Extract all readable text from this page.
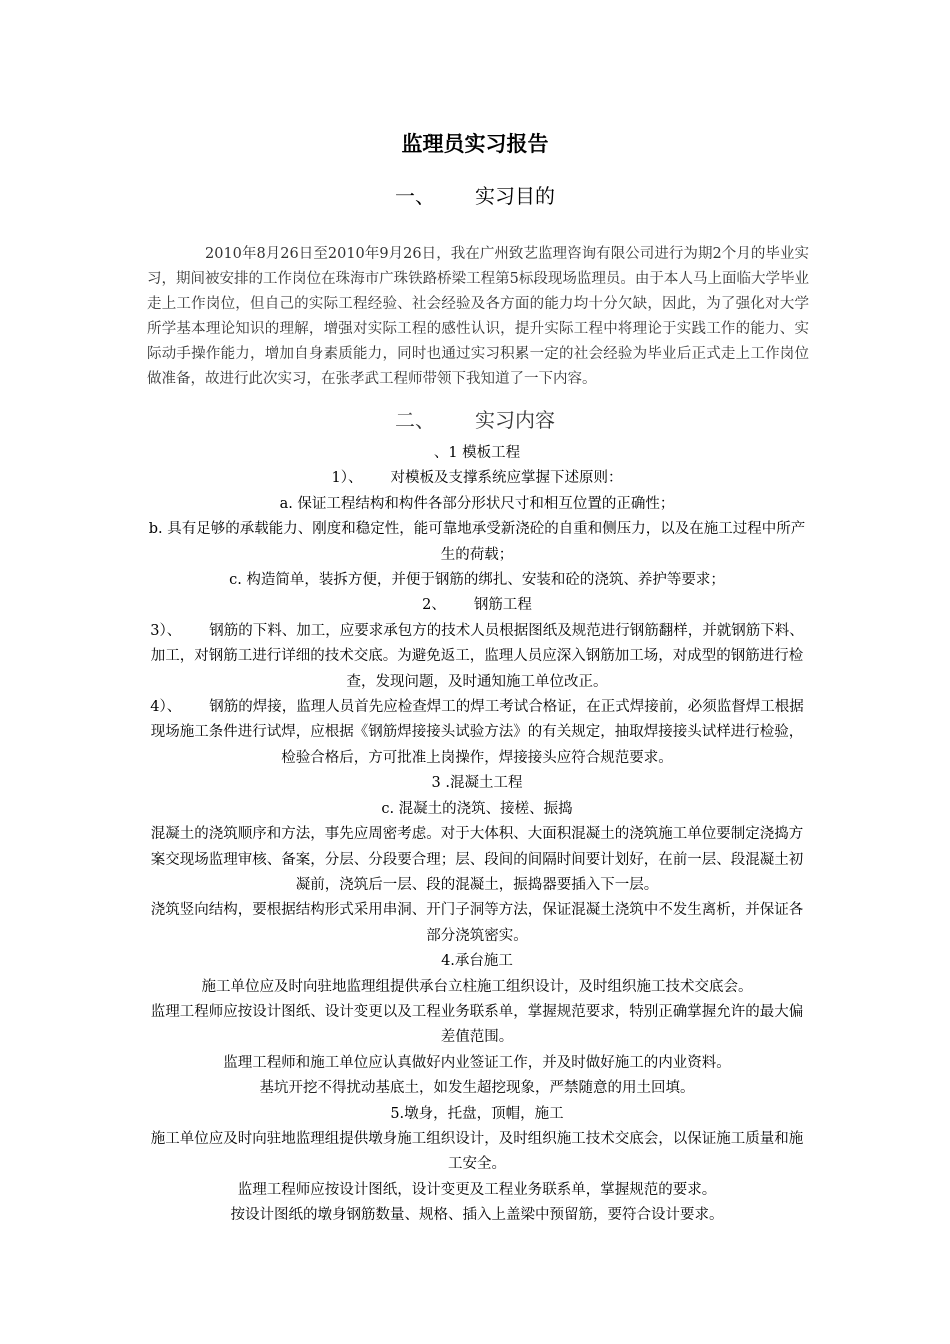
监理员实习报告
一、 实习目的

2010年8月26日至2010年9月26日，我在广州致艺监理咨询有限公司进行为期2个月的毕业实习，期间被安排的工作岗位在珠海市广珠铁路桥梁工程第5标段现场监理员。由于本人马上面临大学毕业走上工作岗位，但自己的实际工程经验、社会经验及各方面的能力均十分欠缺，因此，为了强化对大学所学基本理论知识的理解，增强对实际工程的感性认识，提升实际工程中将理论于实践工作的能力、实际动手操作能力，增加自身素质能力，同时也通过实习积累一定的社会经验为毕业后正式走上工作岗位做准备，故进行此次实习，在张孝武工程师带领下我知道了一下内容。

二、 实习内容

、1 模板工程

1）、 对模板及支撑系统应掌握下述原则：

a. 保证工程结构和构件各部分形状尺寸和相互位置的正确性；

b. 具有足够的承载能力、刚度和稳定性，能可靠地承受新浇砼的自重和侧压力，以及在施工过程中所产生的荷载；

c. 构造简单，装拆方便，并便于钢筋的绑扎、安装和砼的浇筑、养护等要求；

2、 钢筋工程

3）、 钢筋的下料、加工，应要求承包方的技术人员根据图纸及规范进行钢筋翻样，并就钢筋下料、加工，对钢筋工进行详细的技术交底。为避免返工，监理人员应深入钢筋加工场，对成型的钢筋进行检查，发现问题，及时通知施工单位改正。

4）、 钢筋的焊接，监理人员首先应检查焊工的焊工考试合格证，在正式焊接前，必须监督焊工根据现场施工条件进行试焊，应根据《钢筋焊接接头试验方法》的有关规定，抽取焊接接头试样进行检验，检验合格后，方可批准上岗操作，焊接接头应符合规范要求。

3 .混凝土工程

c. 混凝土的浇筑、接槎、振捣

混凝土的浇筑顺序和方法，事先应周密考虑。对于大体积、大面积混凝土的浇筑施工单位要制定浇捣方案交现场监理审核、备案，分层、分段要合理；层、段间的间隔时间要计划好，在前一层、段混凝土初凝前，浇筑后一层、段的混凝土，振捣器要插入下一层。

浇筑竖向结构，要根据结构形式采用串洞、开门子洞等方法，保证混凝土浇筑中不发生离析，并保证各部分浇筑密实。

4.承台施工

施工单位应及时向驻地监理组提供承台立柱施工组织设计，及时组织施工技术交底会。

监理工程师应按设计图纸、设计变更以及工程业务联系单，掌握规范要求，特别正确掌握允许的最大偏差值范围。

监理工程师和施工单位应认真做好内业签证工作，并及时做好施工的内业资料。

基坑开挖不得扰动基底土，如发生超挖现象，严禁随意的用土回填。

5.墩身，托盘，顶帽，施工

施工单位应及时向驻地监理组提供墩身施工组织设计，及时组织施工技术交底会，以保证施工质量和施工安全。

监理工程师应按设计图纸，设计变更及工程业务联系单，掌握规范的要求。

按设计图纸的墩身钢筋数量、规格、插入上盖梁中预留筋，要符合设计要求。
